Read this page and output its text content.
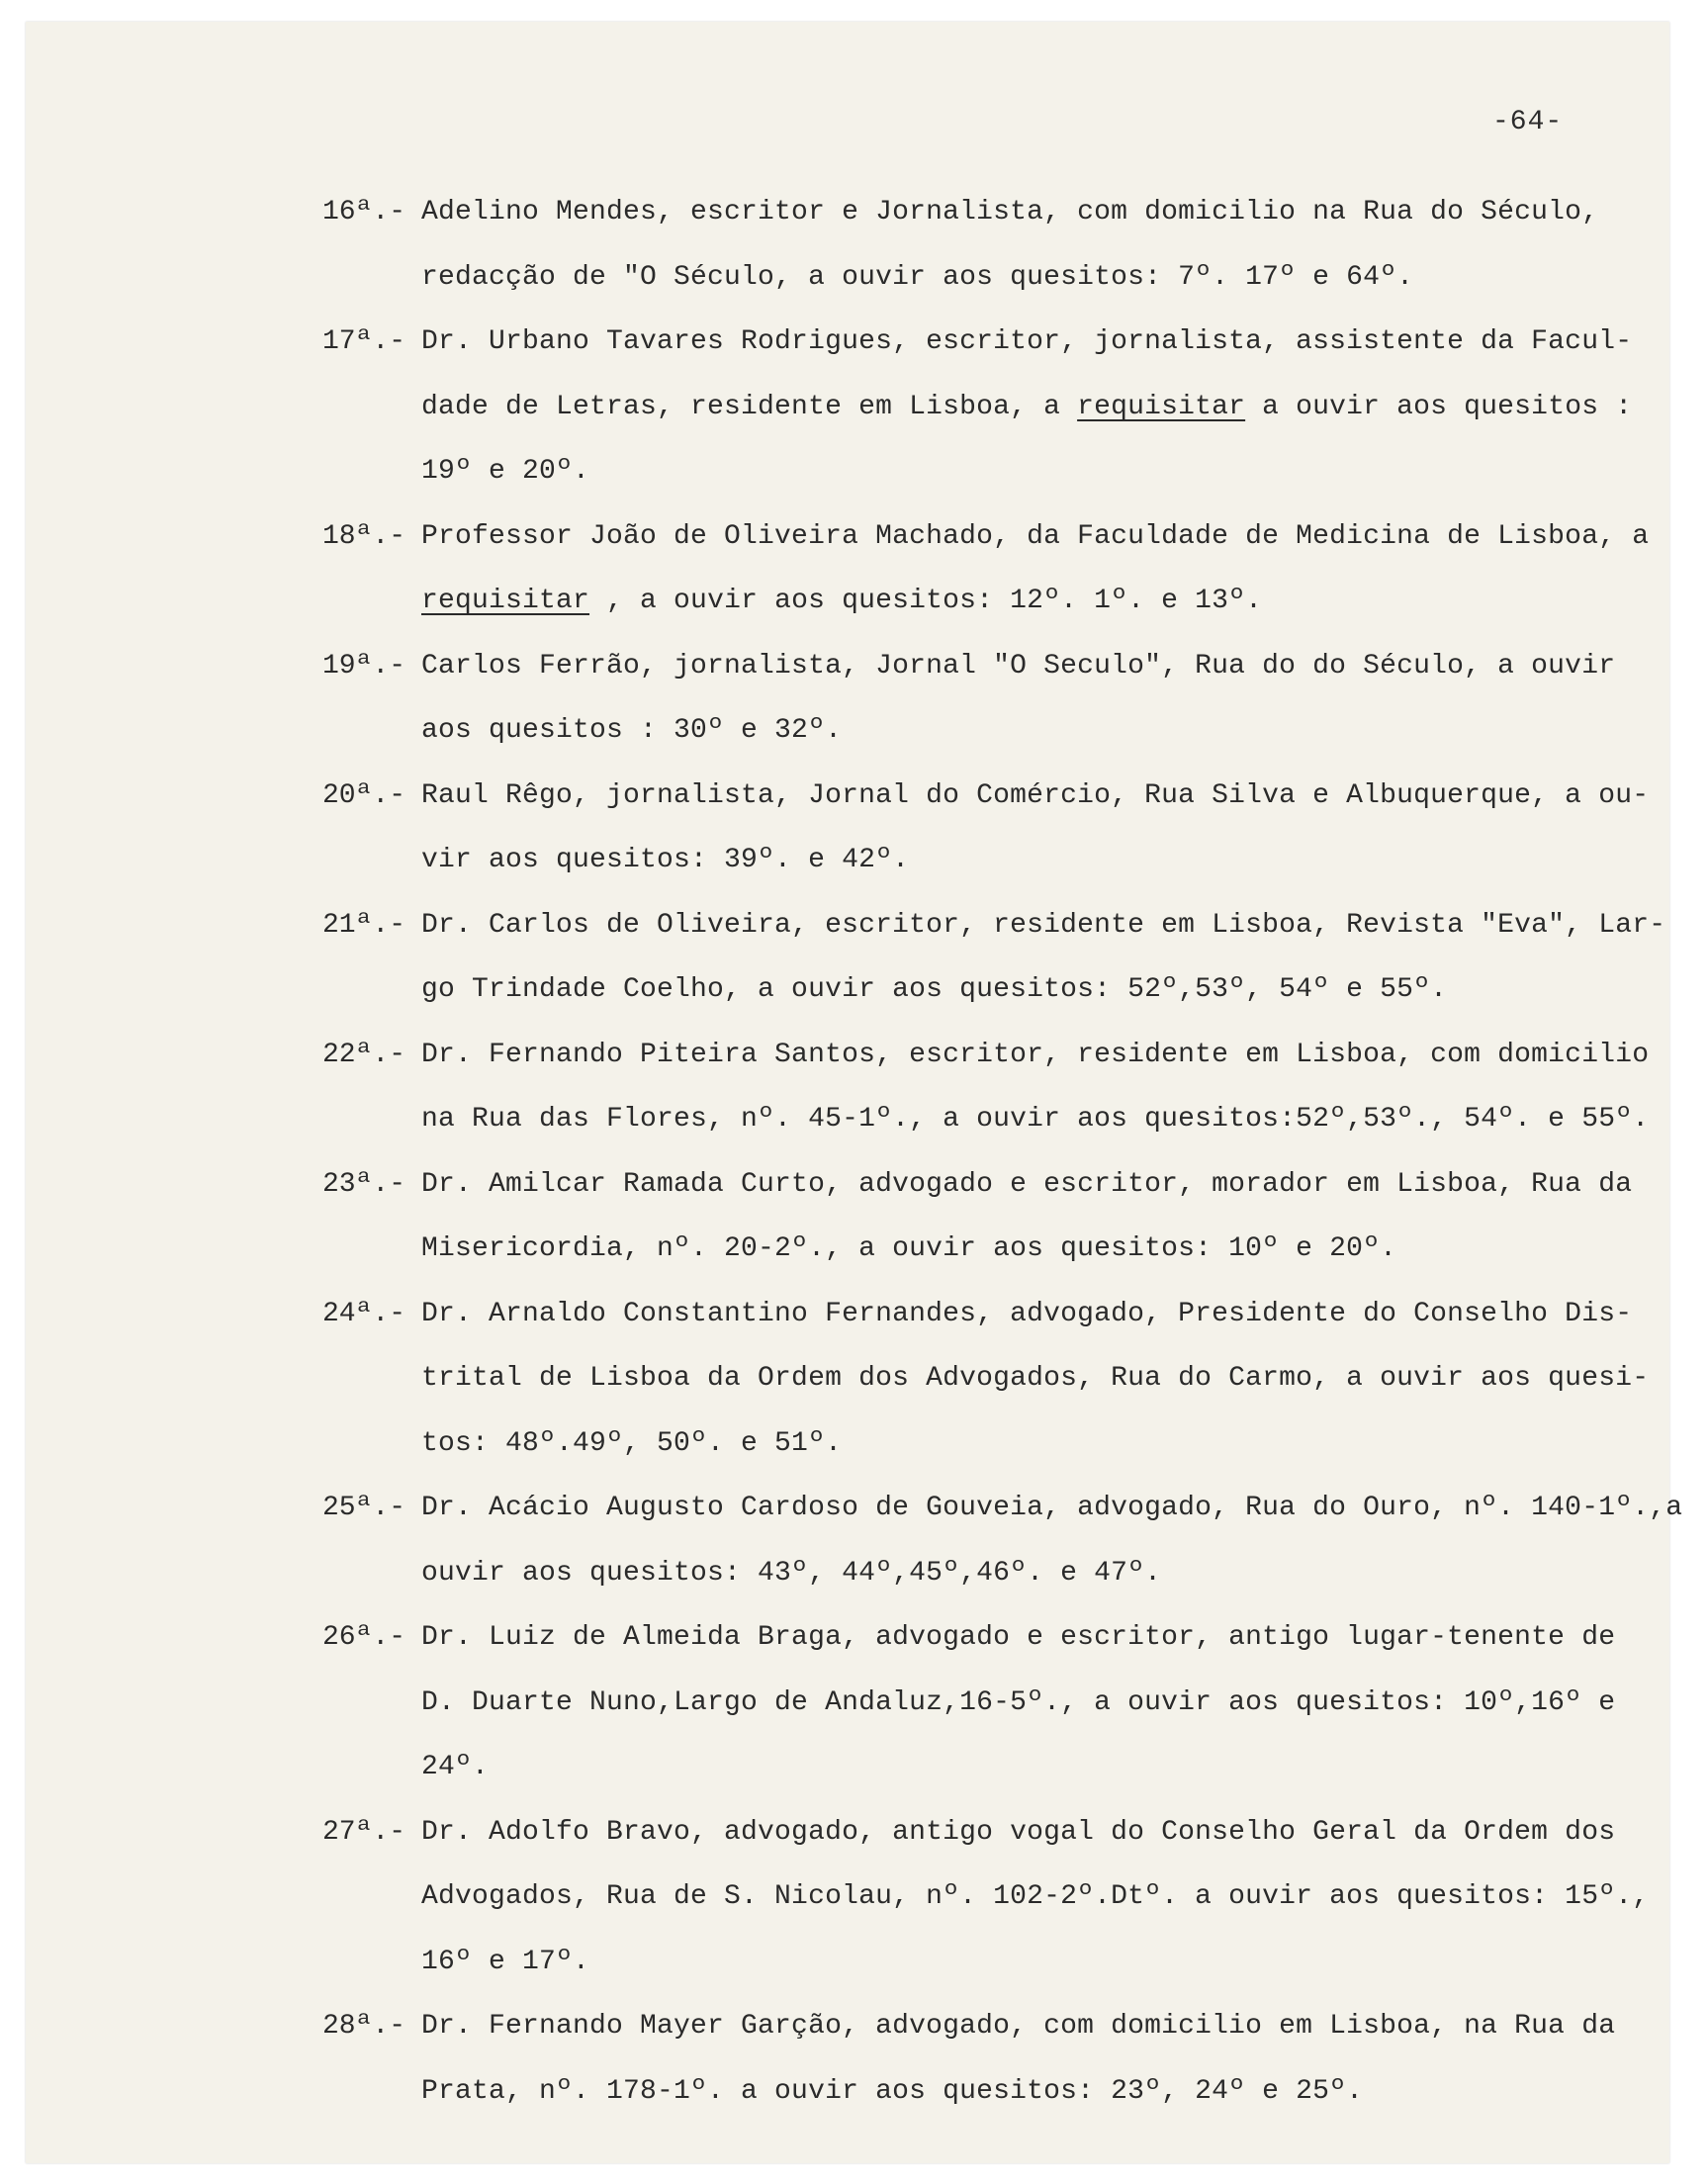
-64-
16ª.- Adelino Mendes, escritor e Jornalista, com domicilio na Rua do Século,
redacção de "O Século, a ouvir aos quesitos: 7º. 17º e 64º.
17ª.- Dr. Urbano Tavares Rodrigues, escritor, jornalista, assistente da Facul-
dade de Letras, residente em Lisboa, a requisitar a ouvir aos quesitos :
19º e 20º.
18ª.- Professor João de Oliveira Machado, da Faculdade de Medicina de Lisboa, a
requisitar , a ouvir aos quesitos: 12º. 1º. e 13º.
19ª.- Carlos Ferrão, jornalista, Jornal "O Seculo", Rua do do Século, a ouvir
aos quesitos : 30º e 32º.
20ª.- Raul Rêgo, jornalista, Jornal do Comércio, Rua Silva e Albuquerque, a ou-
vir aos quesitos: 39º. e 42º.
21ª.- Dr. Carlos de Oliveira, escritor, residente em Lisboa, Revista "Eva", Lar-
go Trindade Coelho, a ouvir aos quesitos: 52º,53º, 54º e 55º.
22ª.- Dr. Fernando Piteira Santos, escritor, residente em Lisboa, com domicilio
na Rua das Flores, nº. 45-1º., a ouvir aos quesitos:52º,53º., 54º. e 55º.
23ª.- Dr. Amilcar Ramada Curto, advogado e escritor, morador em Lisboa, Rua da
Misericordia, nº. 20-2º., a ouvir aos quesitos: 10º e 20º.
24ª.- Dr. Arnaldo Constantino Fernandes, advogado, Presidente do Conselho Dis-
trital de Lisboa da Ordem dos Advogados, Rua do Carmo, a ouvir aos quesi-
tos: 48º.49º, 50º. e 51º.
25ª.- Dr. Acácio Augusto Cardoso de Gouveia, advogado, Rua do Ouro, nº. 140-1º.,a
ouvir aos quesitos: 43º, 44º,45º,46º. e 47º.
26ª.- Dr. Luiz de Almeida Braga, advogado e escritor, antigo lugar-tenente de
D. Duarte Nuno,Largo de Andaluz,16-5º., a ouvir aos quesitos: 10º,16º e
24º.
27ª.- Dr. Adolfo Bravo, advogado, antigo vogal do Conselho Geral da Ordem dos
Advogados, Rua de S. Nicolau, nº. 102-2º.Dtº. a ouvir aos quesitos: 15º.,
16º e 17º.
28ª.- Dr. Fernando Mayer Garção, advogado, com domicilio em Lisboa, na Rua da
Prata, nº. 178-1º. a ouvir aos quesitos: 23º, 24º e 25º.
